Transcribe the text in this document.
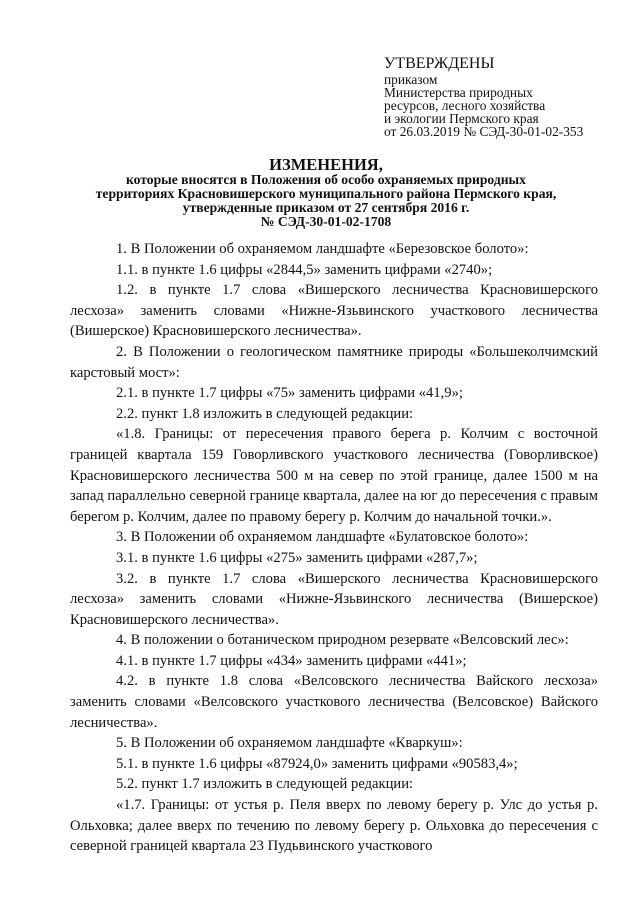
УТВЕРЖДЕНЫ
приказом
Министерства природных
ресурсов, лесного хозяйства
и экологии Пермского края
от 26.03.2019 № СЭД-30-01-02-353
ИЗМЕНЕНИЯ,
которые вносятся в Положения об особо охраняемых природных
территориях Красновишерского муниципального района Пермского края,
утвержденные приказом от 27 сентября 2016 г.
№ СЭД-30-01-02-1708
1. В Положении об охраняемом ландшафте «Березовское болото»:
1.1. в пункте 1.6 цифры «2844,5» заменить цифрами «2740»;

1.2. в пункте 1.7 слова «Вишерского лесничества Красновишерского лесхоза» заменить словами «Нижне-Язьвинского участкового лесничества (Вишерское) Красновишерского лесничества».

2. В Положении о геологическом памятнике природы «Большеколчимский карстовый мост»:

2.1. в пункте 1.7 цифры «75» заменить цифрами «41,9»;
2.2. пункт 1.8 изложить в следующей редакции:

«1.8. Границы: от пересечения правого берега р. Колчим с восточной границей квартала 159 Говорливского участкового лесничества (Говорливское) Красновишерского лесничества 500 м на север по этой границе, далее 1500 м на запад параллельно северной границе квартала, далее на юг до пересечения с правым берегом р. Колчим, далее по правому берегу р. Колчим до начальной точки.».

3. В Положении об охраняемом ландшафте «Булатовское болото»:
3.1. в пункте 1.6 цифры «275» заменить цифрами «287,7»;

3.2. в пункте 1.7 слова «Вишерского лесничества Красновишерского лесхоза» заменить словами «Нижне-Язьвинского лесничества (Вишерское) Красновишерского лесничества».

4. В положении о ботаническом природном резервате «Велсовский лес»:
4.1. в пункте 1.7 цифры «434» заменить цифрами «441»;

4.2. в пункте 1.8 слова «Велсовского лесничества Вайского лесхоза» заменить словами «Велсовского участкового лесничества (Велсовское) Вайского лесничества».

5. В Положении об охраняемом ландшафте «Кваркуш»:
5.1. в пункте 1.6 цифры «87924,0» заменить цифрами «90583,4»;
5.2. пункт 1.7 изложить в следующей редакции:

«1.7. Границы: от устья р. Пеля вверх по левому берегу р. Улс до устья р. Ольховка; далее вверх по течению по левому берегу р. Ольховка до пересечения с северной границей квартала 23 Пудьвинского участкового
